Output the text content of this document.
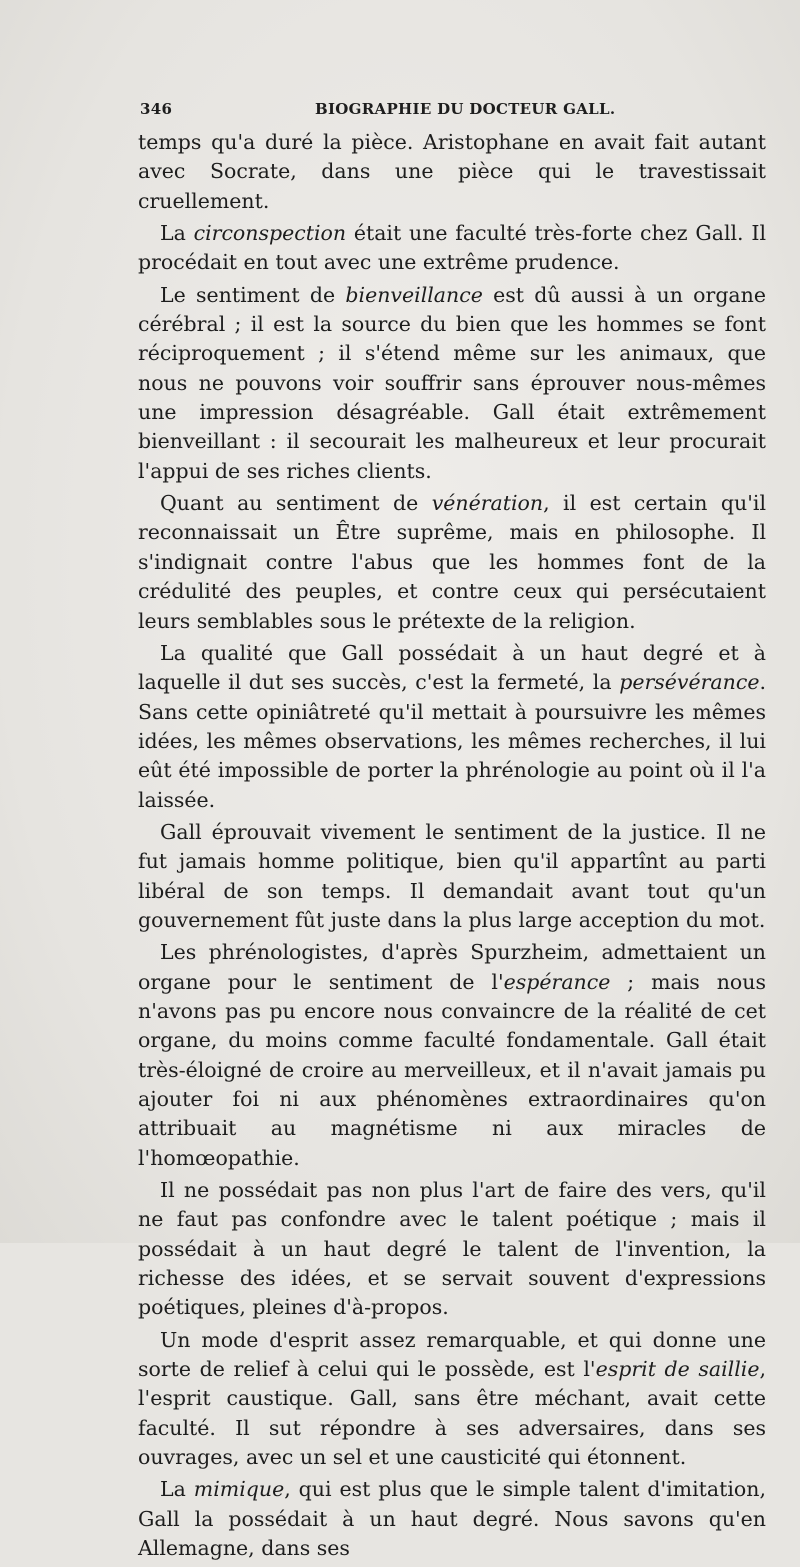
346	BIOGRAPHIE DU DOCTEUR GALL.

temps qu'a duré la pièce. Aristophane en avait fait autant avec Socrate, dans une pièce qui le travestissait cruellement.

La circonspection était une faculté très-forte chez Gall. Il procédait en tout avec une extrême prudence.

Le sentiment de bienveillance est dû aussi à un organe cérébral ; il est la source du bien que les hommes se font réciproquement ; il s'étend même sur les animaux, que nous ne pouvons voir souffrir sans éprouver nous-mêmes une impression désagréable. Gall était extrêmement bienveillant : il secourait les malheureux et leur procurait l'appui de ses riches clients.

Quant au sentiment de vénération, il est certain qu'il reconnaissait un Être suprême, mais en philosophe. Il s'indignait contre l'abus que les hommes font de la crédulité des peuples, et contre ceux qui persécutaient leurs semblables sous le prétexte de la religion.

La qualité que Gall possédait à un haut degré et à laquelle il dut ses succès, c'est la fermeté, la persévérance. Sans cette opiniâtreté qu'il mettait à poursuivre les mêmes idées, les mêmes observations, les mêmes recherches, il lui eût été impossible de porter la phrénologie au point où il l'a laissée.

Gall éprouvait vivement le sentiment de la justice. Il ne fut jamais homme politique, bien qu'il appartînt au parti libéral de son temps. Il demandait avant tout qu'un gouvernement fût juste dans la plus large acception du mot.

Les phrénologistes, d'après Spurzheim, admettaient un organe pour le sentiment de l'espérance ; mais nous n'avons pas pu encore nous convaincre de la réalité de cet organe, du moins comme faculté fondamentale. Gall était très-éloigné de croire au merveilleux, et il n'avait jamais pu ajouter foi ni aux phénomènes extraordinaires qu'on attribuait au magnétisme ni aux miracles de l'homœopathie.

Il ne possédait pas non plus l'art de faire des vers, qu'il ne faut pas confondre avec le talent poétique ; mais il possédait à un haut degré le talent de l'invention, la richesse des idées, et se servait souvent d'expressions poétiques, pleines d'à-propos.

Un mode d'esprit assez remarquable, et qui donne une sorte de relief à celui qui le possède, est l'esprit de saillie, l'esprit caustique. Gall, sans être méchant, avait cette faculté. Il sut répondre à ses adversaires, dans ses ouvrages, avec un sel et une causticité qui étonnent.

La mimique, qui est plus que le simple talent d'imitation, Gall la possédait à un haut degré. Nous savons qu'en Allemagne, dans ses
